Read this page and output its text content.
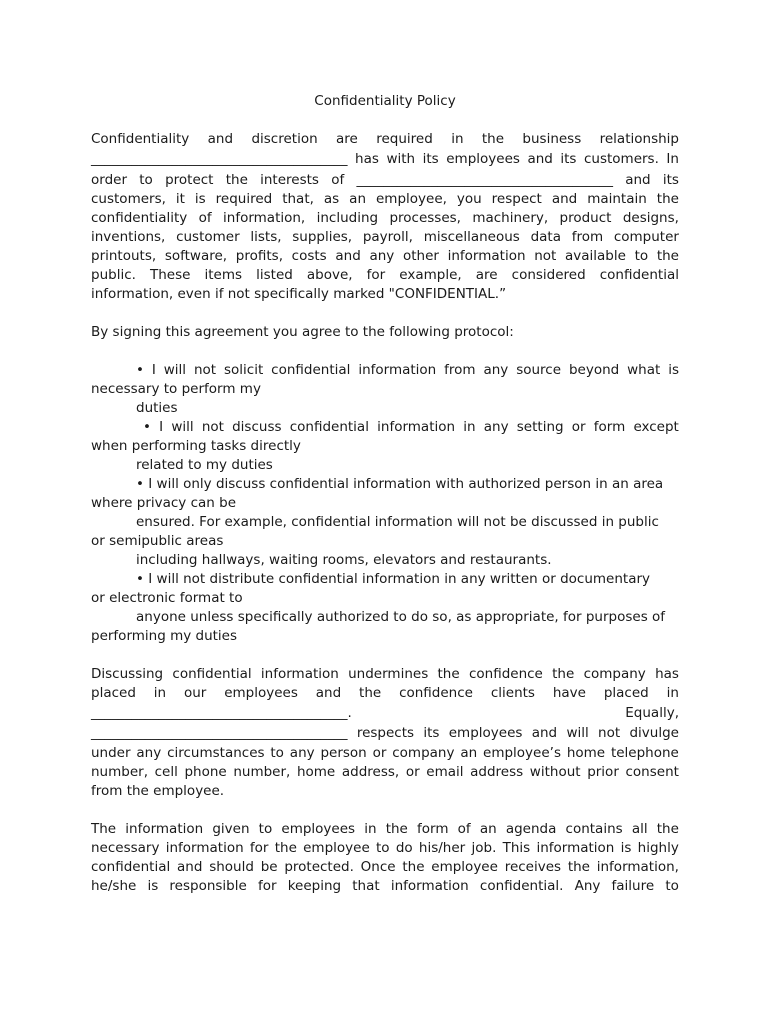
Confidentiality Policy
Confidentiality and discretion are required in the business relationship
______________________________________ has with its employees and its customers. In
order to protect the interests of ______________________________________ and its
customers, it is required that, as an employee, you respect and maintain the
confidentiality of information, including processes, machinery, product designs,
inventions, customer lists, supplies, payroll, miscellaneous data from computer
printouts, software, profits, costs and any other information not available to the
public. These items listed above, for example, are considered confidential
information, even if not specifically marked "CONFIDENTIAL.”
By signing this agreement you agree to the following protocol:
• I will not solicit confidential information from any source beyond what is
necessary to perform my
duties
• I will not discuss confidential information in any setting or form except
when performing tasks directly
related to my duties
• I will only discuss confidential information with authorized person in an area
where privacy can be
ensured. For example, confidential information will not be discussed in public
or semipublic areas
including hallways, waiting rooms, elevators and restaurants.
• I will not distribute confidential information in any written or documentary
or electronic format to
anyone unless specifically authorized to do so, as appropriate, for purposes of
performing my duties
Discussing confidential information undermines the confidence the company has
placed in our employees and the confidence clients have placed in
______________________________________.	Equally,
______________________________________ respects its employees and will not divulge
under any circumstances to any person or company an employee’s home telephone
number, cell phone number, home address, or email address without prior consent
from the employee.
The information given to employees in the form of an agenda contains all the
necessary information for the employee to do his/her job. This information is highly
confidential and should be protected. Once the employee receives the information,
he/she is responsible for keeping that information confidential. Any failure to
